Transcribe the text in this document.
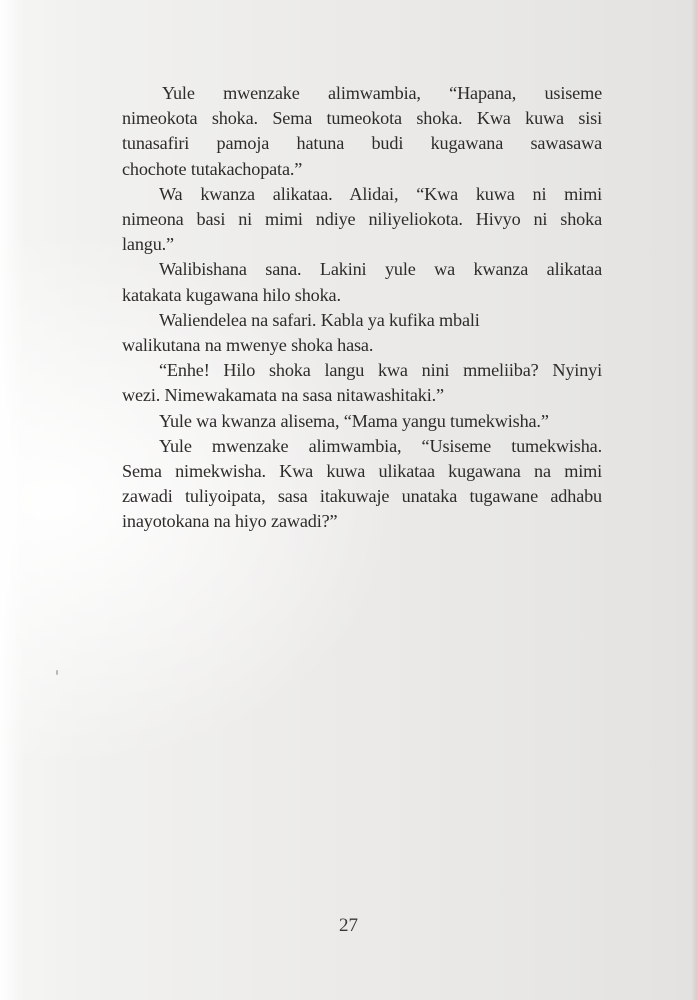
Yule mwenzake alimwambia, “Hapana, usiseme
nimeokota shoka. Sema tumeokota shoka. Kwa kuwa sisi
tunasafiri pamoja hatuna budi kugawana sawasawa
chochote tutakachopata.”

Wa kwanza alikataa. Alidai, “Kwa kuwa ni mimi
nimeona basi ni mimi ndiye niliyeliokota. Hivyo ni shoka
langu.”

Walibishana sana. Lakini yule wa kwanza alikataa
katakata kugawana hilo shoka.

Waliendelea na safari. Kabla ya kufika mbali
walikutana na mwenye shoka hasa.

“Enhe! Hilo shoka langu kwa nini mmeliiba? Nyinyi
wezi. Nimewakamata na sasa nitawashitaki.”

Yule wa kwanza alisema, “Mama yangu tumekwisha.”

Yule mwenzake alimwambia, “Usiseme tumekwisha.
Sema nimekwisha. Kwa kuwa ulikataa kugawana na mimi
zawadi tuliyoipata, sasa itakuwaje unataka tugawane adhabu
inayotokana na hiyo zawadi?”

27
